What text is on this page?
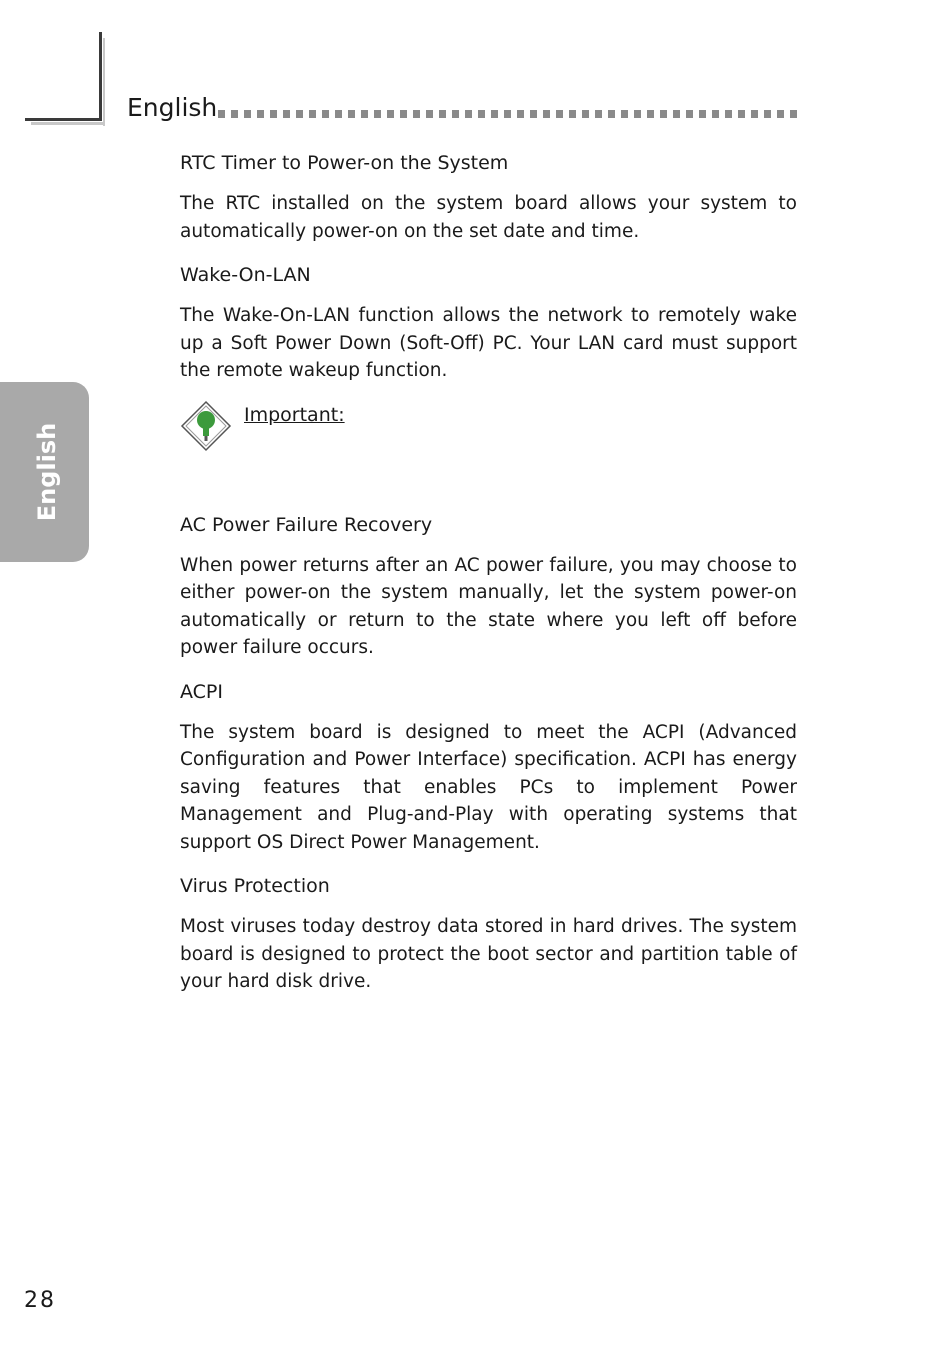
English
English
RTC Timer to Power-on the System

The RTC installed on the system board allows your system to automatically power-on on the set date and time.

Wake-On-LAN

The Wake-On-LAN function allows the network to remotely wake up a Soft Power Down (Soft-Off) PC. Your LAN card must support the remote wakeup function.

Important:
AC Power Failure Recovery

When power returns after an AC power failure, you may choose to either power-on the system manually, let the system power-on automatically or return to the state where you left off before power failure occurs.

ACPI

The system board is designed to meet the ACPI (Advanced Configuration and Power Interface) specification. ACPI has energy saving features that enables PCs to implement Power Management and Plug-and-Play with operating systems that support OS Direct Power Management.

Virus Protection

Most viruses today destroy data stored in hard drives. The system board is designed to protect the boot sector and partition table of your hard disk drive.

28
